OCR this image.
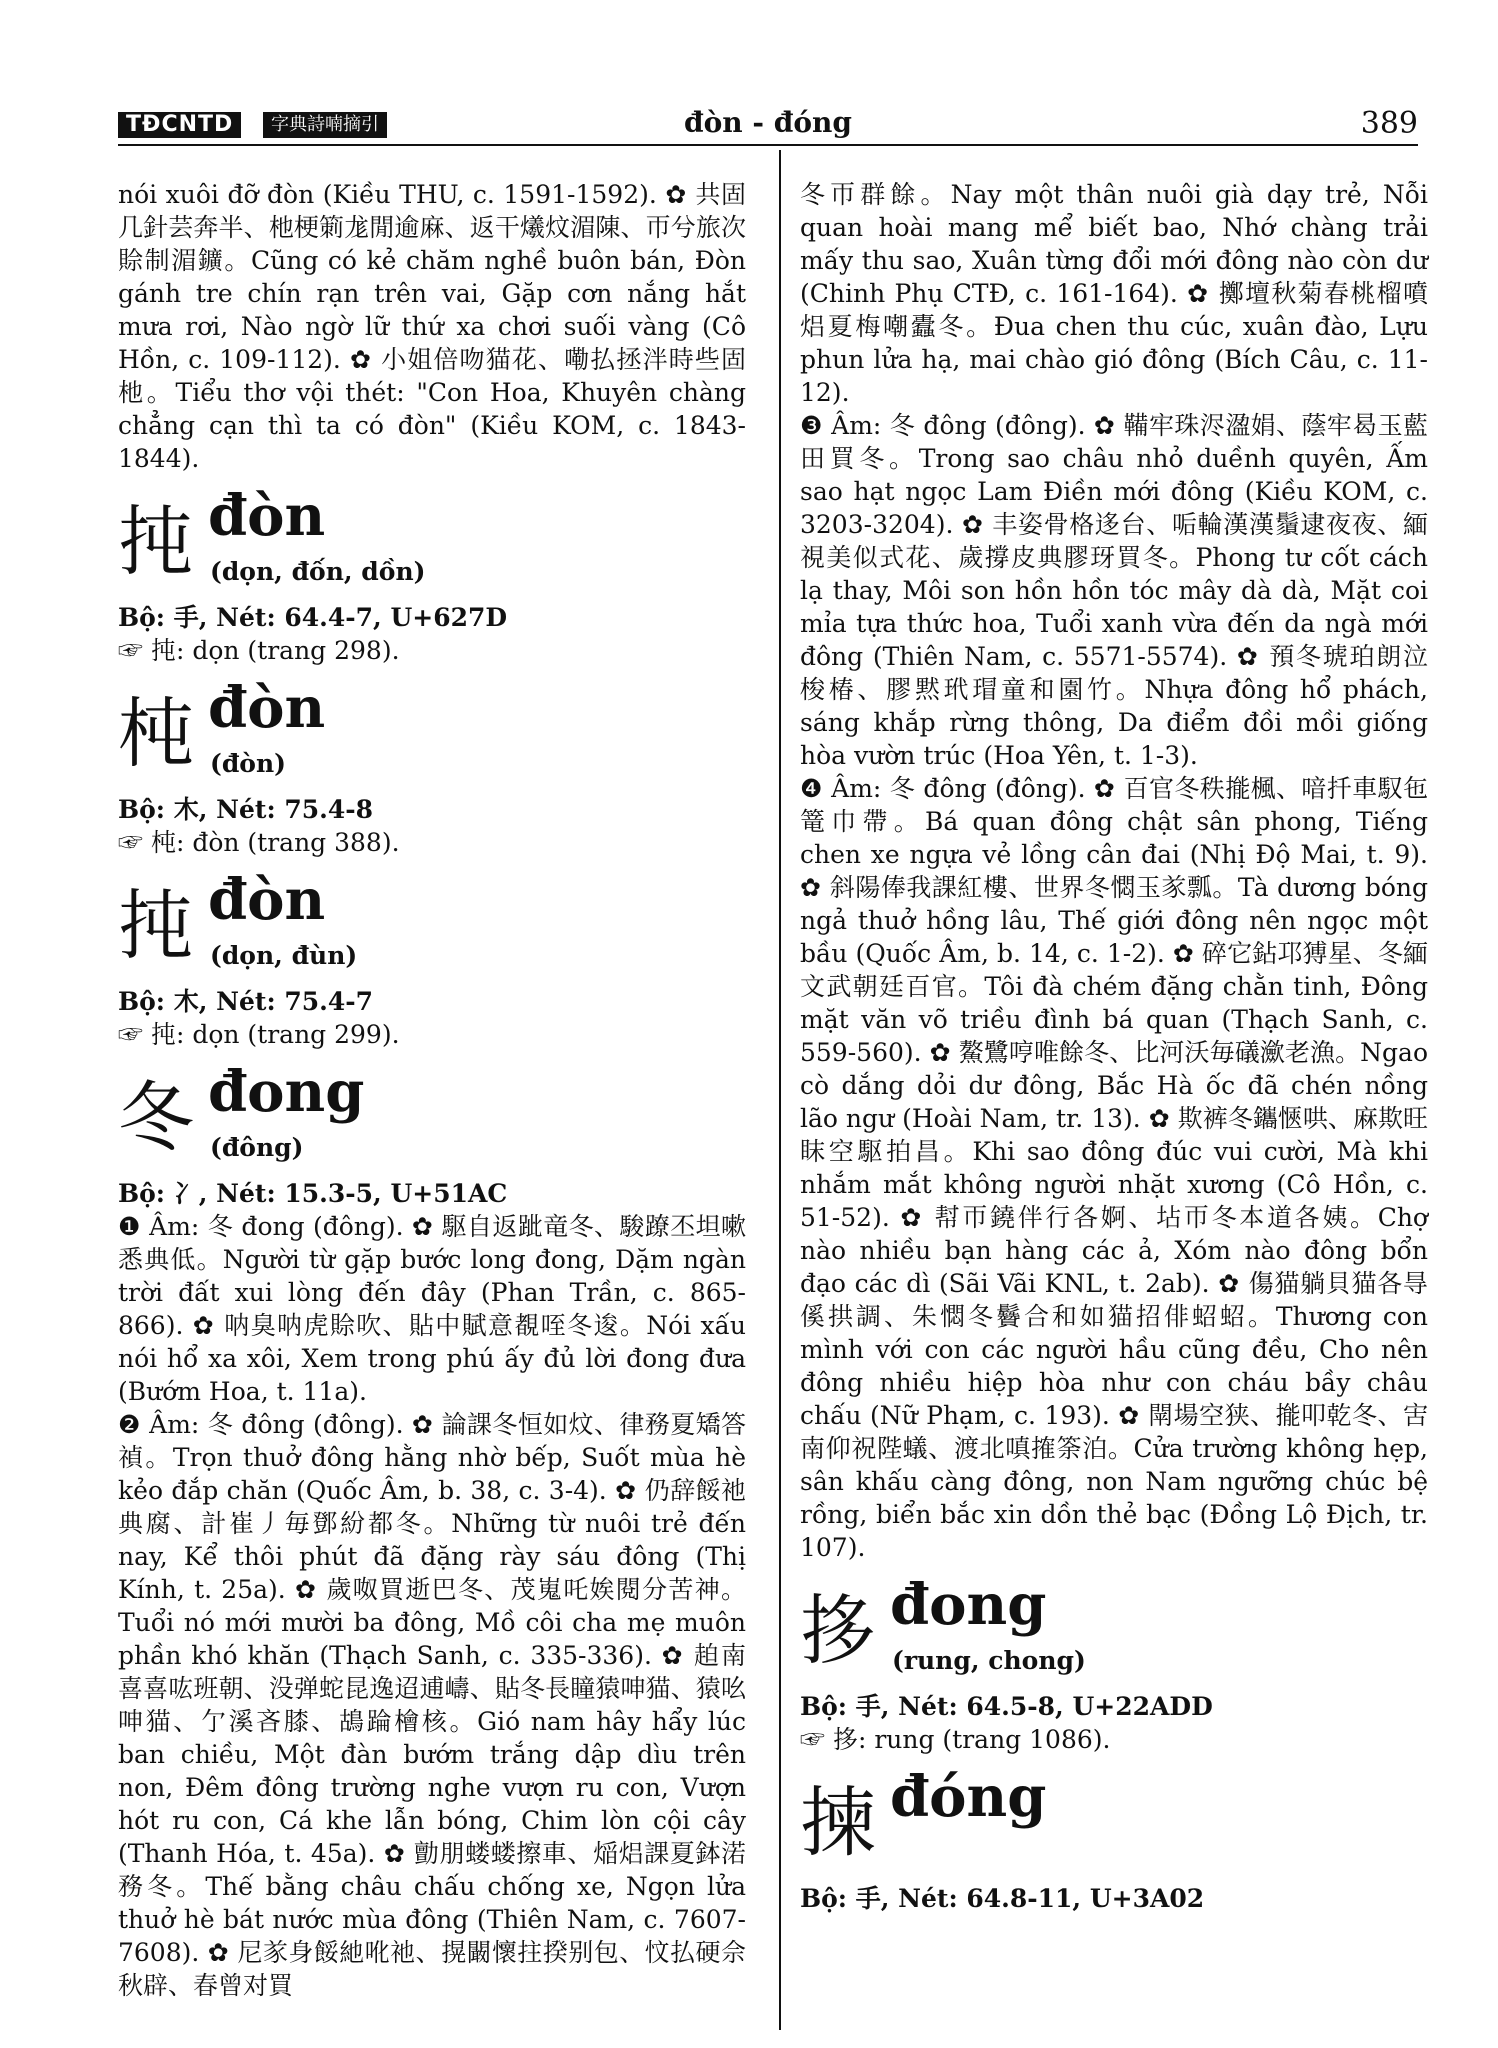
TĐCNTD	字典詩喃摘引	đòn - đóng	389

nói xuôi đỡ đòn (Kiều THU, c. 1591-1592). ✿ 共固几針芸奔半、杝梗箣尨閒逾麻、返干爔炆湄陳、帀兮旅次賒制湄鑛。Cũng có kẻ chăm nghề buôn bán, Đòn gánh tre chín rạn trên vai, Gặp cơn nắng hắt mưa rơi, Nào ngờ lữ thứ xa chơi suối vàng (Cô Hồn, c. 109-112). ✿ 小姐倍吻猫花、嘞払拯泮時些固杝。Tiểu thơ vội thét: "Con Hoa, Khuyên chàng chẳng cạn thì ta có đòn" (Kiều KOM, c. 1843-1844).

扽 đòn
(dọn, đốn, dồn)

Bộ: 手, Nét: 64.4-7, U+627D

☞ 扽: dọn (trang 298).

杶 đòn
(đòn)

Bộ: 木, Nét: 75.4-8

☞ 杶: đòn (trang 388).

扽 đòn
(dọn, đùn)

Bộ: 木, Nét: 75.4-7

☞ 扽: dọn (trang 299).

冬 đong
(đông)

Bộ: 冫, Nét: 15.3-5, U+51AC

❶ Âm: 冬 đong (đông). ✿ 駆自返跐竜冬、駿蹽丕坦嗽悉典低。Người từ gặp bước long đong, Dặm ngàn trời đất xui lòng đến đây (Phan Trần, c. 865-866). ✿ 呐臭呐虎賒吹、貼中賦意覩咥冬逡。Nói xấu nói hổ xa xôi, Xem trong phú ấy đủ lời đong đưa (Bướm Hoa, t. 11a).

❷ Âm: 冬 đông (đông). ✿ 論課冬恒如炆、律務夏矯答禎。Trọn thuở đông hằng nhờ bếp, Suốt mùa hè kẻo đắp chăn (Quốc Âm, b. 38, c. 3-4). ✿ 仍辞餒祂典腐、計崔丿毎鄧紛都冬。Những từ nuôi trẻ đến nay, Kể thôi phút đã đặng rày sáu đông (Thị Kính, t. 25a). ✿ 歲呶買逝巴冬、茂嵬吒娭閱分苦神。Tuổi nó mới mười ba đông, Mồ côi cha mẹ muôn phần khó khăn (Thạch Sanh, c. 335-336). ✿ 䞟南喜喜吰班朝、没弹蛇昆逸迢逋嶹、貼冬長瞳猿呻猫、猿吆呻猫、亇溪吝膝、鴣踚檜核。Gió nam hây hẩy lúc ban chiều, Một đàn bướm trắng dập dìu trên non, Đêm đông trường nghe vượn ru con, Vượn hót ru con, Cá khe lẫn bóng, Chim lòn cội cây (Thanh Hóa, t. 45a). ✿ 勯朋蝼蝼擦車、㷔焒課夏鉢渃務冬。Thế bằng châu chấu chống xe, Ngọn lửa thuở hè bát nước mùa đông (Thiên Nam, c. 7607-7608). ✿ 尼㒸身餒䊶吪祂、㨪闞懷拄揆别包、忟払硬佘秋辟、春曾对買

冬帀群餘。Nay một thân nuôi già dạy trẻ, Nỗi quan hoài mang mể biết bao, Nhớ chàng trải mấy thu sao, Xuân từng đổi mới đông nào còn dư (Chinh Phụ CTĐ, c. 161-164). ✿ 擲壇秋菊春桃榴噴焒夏梅嘲蠹冬。Đua chen thu cúc, xuân đào, Lựu phun lửa hạ, mai chào gió đông (Bích Câu, c. 11-12).

❸ Âm: 冬 đông (đông). ✿ 鞴牢珠浕溋娟、蔭牢曷玉藍田買冬。Trong sao châu nhỏ duềnh quyên, Ấm sao hạt ngọc Lam Điền mới đông (Kiều KOM, c. 3203-3204). ✿ 丰姿骨格迻台、㖃輪漢漢鬚逮夜夜、緬視美似式花、歲撐皮典膠玡買冬。Phong tư cốt cách lạ thay, Môi son hồn hồn tóc mây dà dà, Mặt coi mỉa tựa thức hoa, Tuổi xanh vừa đến da ngà mới đông (Thiên Nam, c. 5571-5574). ✿ 預冬琥珀朗泣梭椿、膠黙玳瑁童和園竹。Nhựa đông hổ phách, sáng khắp rừng thông, Da điểm đồi mồi giống hòa vườn trúc (Hoa Yên, t. 1-3).

❹ Âm: 冬 đông (đông). ✿ 百官冬秩㨢楓、喑扦車馭㐌篭巾帶。Bá quan đông chật sân phong, Tiếng chen xe ngựa vẻ lồng cân đai (Nhị Độ Mai, t. 9). ✿ 斜陽俸我課紅樓、世界冬㦖玉㒸瓢。Tà dương bóng ngả thuở hồng lâu, Thế giới đông nên ngọc một bầu (Quốc Âm, b. 14, c. 1-2). ✿ 碎它鉆邛猼星、冬緬文武朝廷百官。Tôi đà chém đặng chằn tinh, Đông mặt văn võ triều đình bá quan (Thạch Sanh, c. 559-560). ✿ 鰲鷺哼唯餘冬、比河沃毎礒㶑老漁。Ngao cò dắng dỏi dư đông, Bắc Hà ốc đã chén nồng lão ngư (Hoài Nam, tr. 13). ✿ 欺裤冬鑴愜哄、麻欺旺眜空駆拍昌。Khi sao đông đúc vui cười, Mà khi nhắm mắt không người nhặt xương (Cô Hồn, c. 51-52). ✿ 幇帀鐃伴行各婀、坫帀冬本道各姨。Chợ nào nhiều bạn hàng các ả, Xóm nào đông bổn đạo các dì (Sãi Vãi KNL, t. 2ab). ✿ 傷猫躺貝猫各㝵傒拱調、朱㦖冬䰖合和如猫招俳蛁蛁。Thương con mình với con các người hầu cũng đều, Cho nên đông nhiều hiệp hòa như con cháu bầy châu chấu (Nữ Phạm, c. 193). ✿ 閛場空狭、㨢叩乾冬、㝒南仰祝陛蟻、渡北嗔搉筡泊。Cửa trường không hẹp, sân khấu càng đông, non Nam ngưỡng chúc bệ rồng, biển bắc xin dồn thẻ bạc (Đồng Lộ Địch, tr. 107).

拸 đong
(rung, chong)

Bộ: 手, Nét: 64.5-8, U+22ADD

☞ 拸: rung (trang 1086).

揀 đóng

Bộ: 手, Nét: 64.8-11, U+3A02
